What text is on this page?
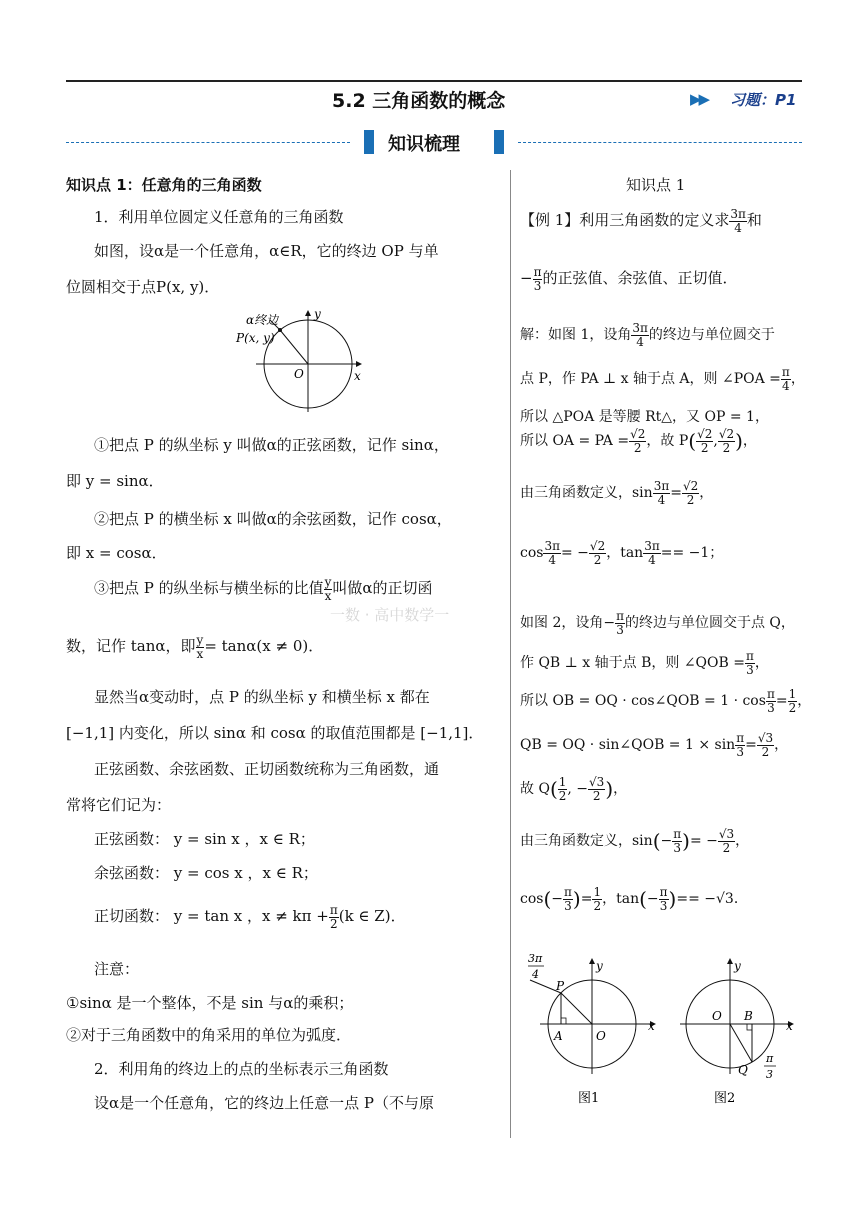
5.2 三角函数的概念	▶▶ 习题：P1
知识梳理
知识点 1：任意角的三角函数
1．利用单位圆定义任意角的三角函数
如图，设α是一个任意角，α∈R，它的终边 OP 与单
位圆相交于点P(x, y)．
α终边
P(x, y)
O	x
y
①把点 P 的纵坐标 y 叫做α的正弦函数，记作 sinα，
即 y = sinα．
②把点 P 的横坐标 x 叫做α的余弦函数，记作 cosα，
即 x = cosα．
③把点 P 的纵坐标与横坐标的比值 $\frac{y}{x}$ 叫做α的正切函
数，记作 tanα，即 $\frac{y}{x} = \tan\alpha(x \ne 0)$．
显然当α变动时，点 P 的纵坐标 y 和横坐标 x 都在
[−1,1] 内变化，所以 sinα 和 cosα 的取值范围都是 [−1,1]．
正弦函数、余弦函数、正切函数统称为三角函数，通
常将它们记为：
正弦函数： y = sin x ，x ∈ R；
余弦函数： y = cos x ，x ∈ R；
正切函数： y = tan x ，$x \ne k\pi + \frac{\pi}{2} (k$ ∈ Z)．
一数 · 高中数学一
注意：
①sinα 是一个整体，不是 sin 与α的乘积；
②对于三角函数中的角采用的单位为弧度．
2．利用角的终边上的点的坐标表示三角函数
设α是一个任意角，它的终边上任意一点 P（不与原
知识点 1
【例 1】利用三角函数的定义求 $\frac{3\pi}{4}$ 和
− $\frac{\pi}{3}$ 的正弦值、余弦值、正切值．
解：如图 1，设角 $\frac{3\pi}{4}$ 的终边与单位圆交于
点 P，作 PA ⊥ x 轴于点 A，则 ∠POA = $\frac{\pi}{4}$ ，
所以 △POA 是等腰 Rt△，又 OP = 1，
所以 OA = PA = $\frac{√2}{2}$ ，故 $P( \frac{√2}{2}$ , $\frac{√2}{2}$ )，
由三角函数定义，$\sin \frac{3\pi}{4} = \frac{√2}{2}$ ，
$\cos \frac{3\pi}{4}$ = − $\frac{√2}{2}$ ，$\tan \frac{3\pi}{4} == -1$；
如图 2，设角− $\frac{\pi}{3}$ 的终边与单位圆交于点 Q，
作 QB ⊥ x 轴于点 B，则 ∠QOB = $\frac{\pi}{3}$ ，
所以 OB = OQ · cos∠QOB = $1 \cdot \cos \frac{\pi}{3} = \frac{1}{2}$ ，
QB = OQ · sin∠QOB = $1 \times \sin \frac{\pi}{3} = \frac{√3}{2}$ ，
故 $Q( \frac{1}{2}$ , − $\frac{√3}{2}$ )，
由三角函数定义，$\sin(- \frac{\pi}{3}$ )= − $\frac{√3}{2}$ ，
$\cos(- \frac{\pi}{3}$ )= $\frac{1}{2}$ ，$\tan(- \frac{\pi}{3}$ )== −√3．
3π
4
P
A	O
x
y
图1
O B
Q
x
y
π
3
图2
